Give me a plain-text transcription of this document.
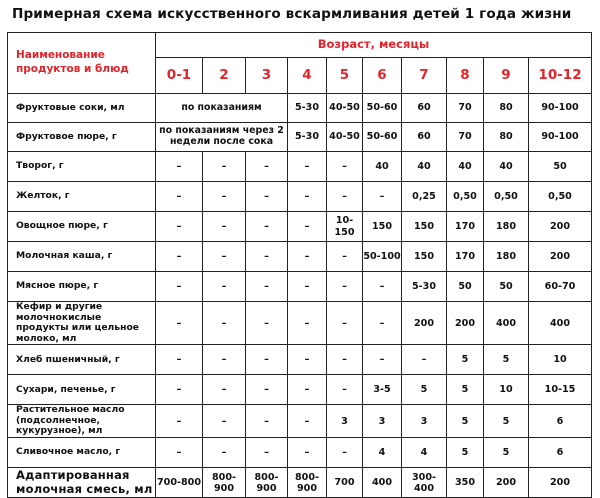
Примерная схема искусственного вскармливания детей 1 года жизни
Наименование продуктов и блюд	Возраст, месяцы									
	0-1	2	3	4	5	6	7	8	9	10-12
Фруктовые соки, мл	по показаниям			5-30	40-50	50-60	60	70	80	90-100
Фруктовое пюре, г	по показаниям через 2 недели после сока			5-30	40-50	50-60	60	70	80	90-100
Творог, г	–	–	–	–	–	40	40	40	40	50
Желток, г	–	–	–	–	–	–	0,25	0,50	0,50	0,50
Овощное пюре, г	–	–	–	–	10-150	150	150	170	180	200
Молочная каша, г	–	–	–	–	–	50-100	150	170	180	200
Мясное пюре, г	–	–	–	–	–	–	5-30	50	50	60-70
Кефир и другие молочнокислые продукты или цельное молоко, мл	–	–	–	–	–	–	200	200	400	400
Хлеб пшеничный, г	–	–	–	–	–	–	–	5	5	10
Сухари, печенье, г	–	–	–	–	–	3-5	5	5	10	10-15
Растительное масло (подсолнечное, кукурузное), мл	–	–	–	–	3	3	3	5	5	6
Сливочное масло, г	–	–	–	–	–	4	4	5	5	6
Адаптированная молочная смесь, мл	700-800	800-900	800-900	800-900	700	400	300-400	350	200	200
